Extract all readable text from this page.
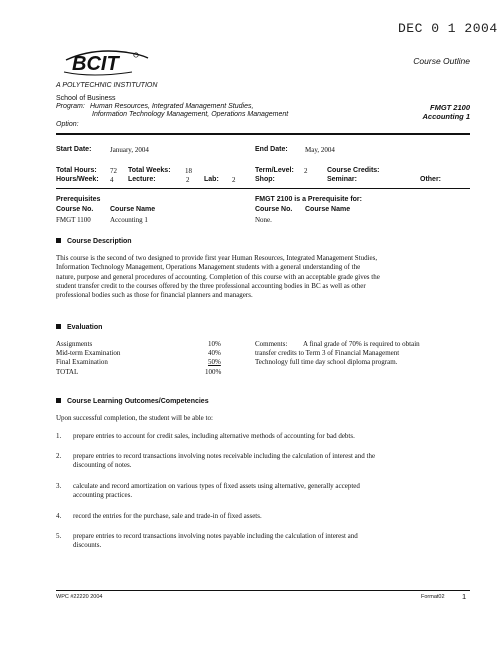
DEC 0 1 2004
BCIT
A POLYTECHNIC INSTITUTION
Course Outline
School of Business
Program: Human Resources, Integrated Management Studies,
Information Technology Management, Operations Management
Option:
FMGT 2100
Accounting 1
Start Date:	January, 2004	End Date: May, 2004
Total Hours: 72 Total Weeks: 18	Term/Level: 2	Course Credits:
Hours/Week: 4 Lecture:	2 Lab: 2	Shop:	Seminar:	Other:
Prerequisites
Course No. Course Name
FMGT 1100	Accounting 1
FMGT 2100 is a Prerequisite for:
Course No. Course Name
None.
Course Description
This course is the second of two designed to provide first year Human Resources, Integrated Management Studies,
Information Technology Management, Operations Management students with a general understanding of the
nature, purpose and general procedures of accounting. Completion of this course with an acceptable grade gives the
student transfer credit to the courses offered by the three professional accounting bodies in BC as well as other
professional bodies such as those for financial planners and managers.
Evaluation
Assignments	10%
Mid-term Examination	40%
Final Examination	50%
TOTAL	100%
Comments: A final grade of 70% is required to obtain
transfer credits to Term 3 of Financial Management
Technology full time day school diploma program.
Course Learning Outcomes/Competencies
Upon successful completion, the student will be able to:
1. prepare entries to account for credit sales, including alternative methods of accounting for bad debts.
2. prepare entries to record transactions involving notes receivable including the calculation of interest and the
discounting of notes.
3. calculate and record amortization on various types of fixed assets using alternative, generally accepted
accounting practices.
4. record the entries for the purchase, sale and trade-in of fixed assets.
5. prepare entries to record transactions involving notes payable including the calculation of interest and
discounts.
WPC #22220 2004	Format02 1
